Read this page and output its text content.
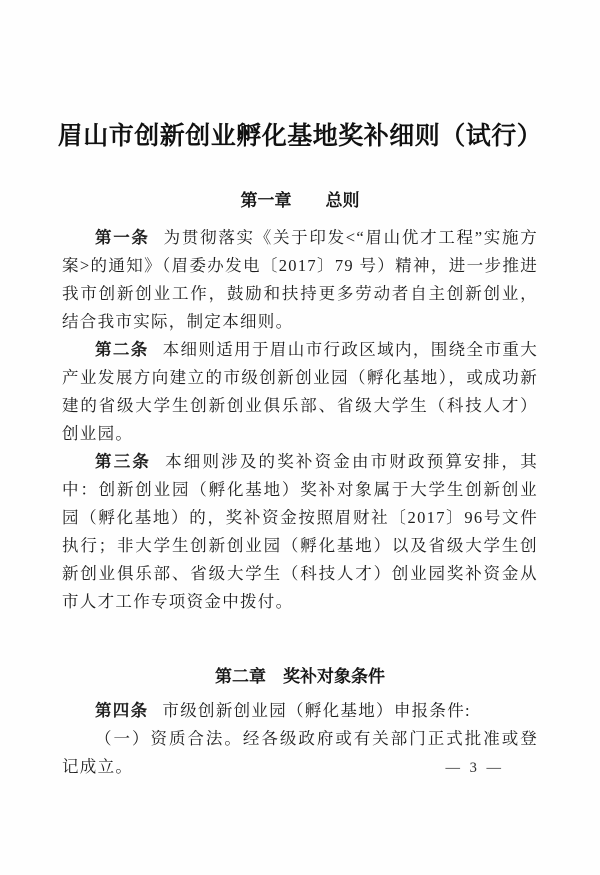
眉山市创新创业孵化基地奖补细则（试行）
第一章　　总则

第一条 为贯彻落实《关于印发<“眉山优才工程”实施方案>的通知》（眉委办发电〔2017〕79 号）精神，进一步推进我市创新创业工作，鼓励和扶持更多劳动者自主创新创业，结合我市实际，制定本细则。

第二条 本细则适用于眉山市行政区域内，围绕全市重大产业发展方向建立的市级创新创业园（孵化基地），或成功新建的省级大学生创新创业俱乐部、省级大学生（科技人才）创业园。

第三条 本细则涉及的奖补资金由市财政预算安排，其中：创新创业园（孵化基地）奖补对象属于大学生创新创业园（孵化基地）的，奖补资金按照眉财社〔2017〕96号文件执行；非大学生创新创业园（孵化基地）以及省级大学生创新创业俱乐部、省级大学生（科技人才）创业园奖补资金从市人才工作专项资金中拨付。

第二章　奖补对象条件

第四条 市级创新创业园（孵化基地）申报条件:

（一）资质合法。经各级政府或有关部门正式批准或登记成立。	— 3 —
